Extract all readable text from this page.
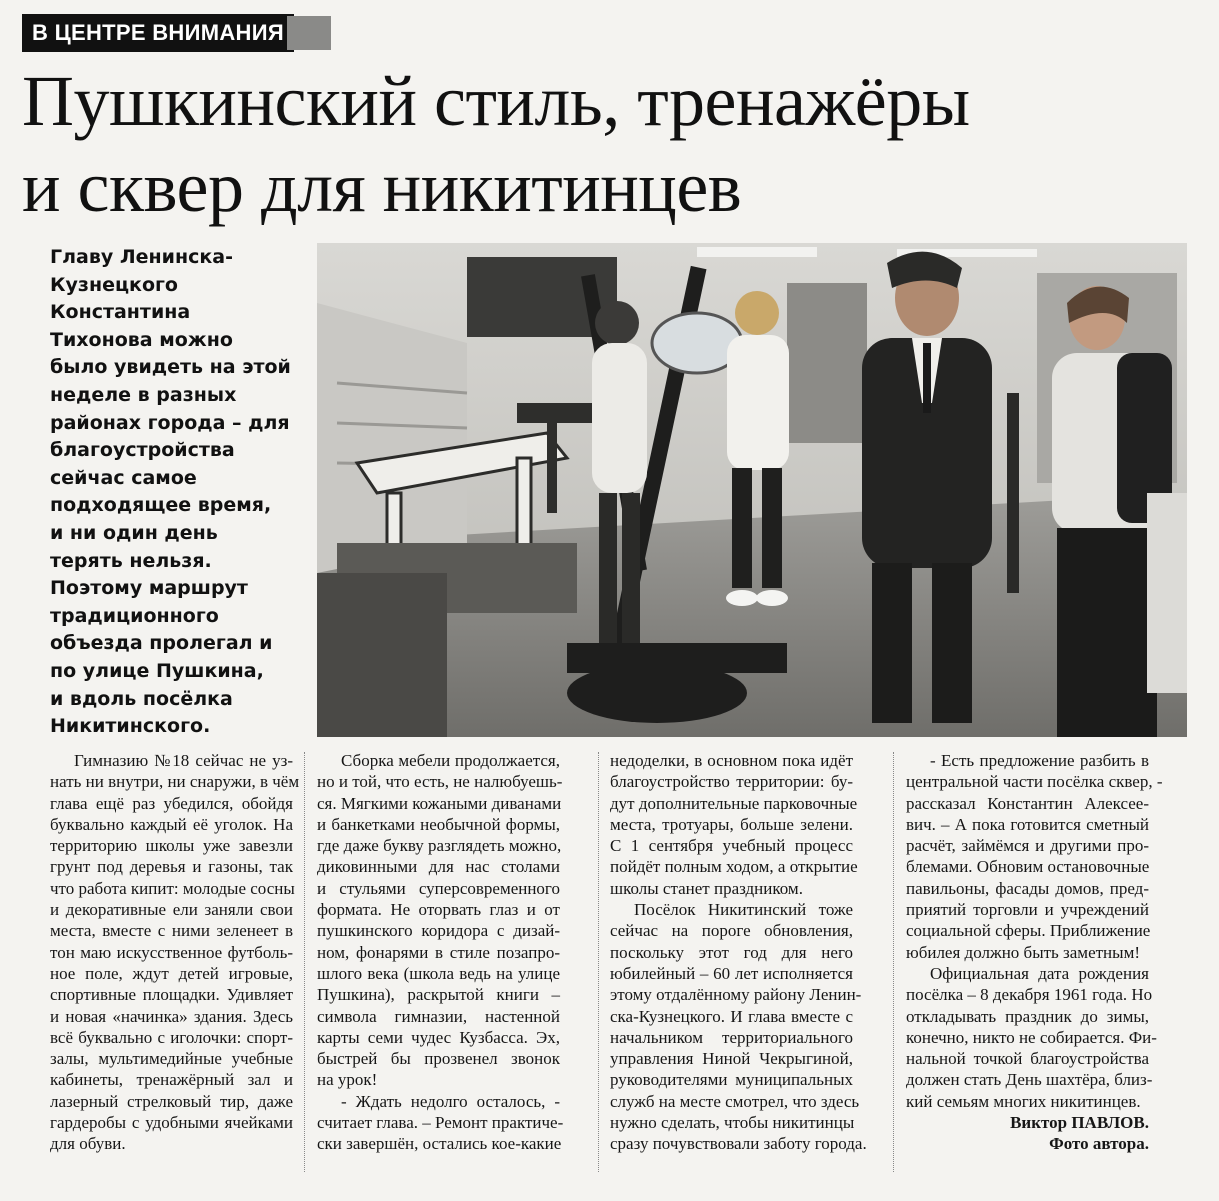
В ЦЕНТРЕ ВНИМАНИЯ
Пушкинский стиль, тренажёры
и сквер для никитинцев
Главу Ленинска-
Кузнецкого
Константина
Тихонова можно
было увидеть на этой
неделе в разных
районах города – для
благоустройства
сейчас самое
подходящее время,
и ни один день
терять нельзя.
Поэтому маршрут
традиционного
объезда пролегал и
по улице Пушкина,
и вдоль посёлка
Никитинского.
Гимназию №18 сейчас не уз-
нать ни внутри, ни снаружи, в чём
глава ещё раз убедился, обойдя
буквально каждый её уголок. На
территорию школы уже завезли
грунт под деревья и газоны, так
что работа кипит: молодые сосны
и декоративные ели заняли свои
места, вместе с ними зеленеет в
тон маю искусственное футболь-
ное поле, ждут детей игровые,
спортивные площадки. Удивляет
и новая «начинка» здания. Здесь
всё буквально с иголочки: спорт-
залы, мультимедийные учебные
кабинеты, тренажёрный зал и
лазерный стрелковый тир, даже
гардеробы с удобными ячейками
для обуви.
Сборка мебели продолжается,
но и той, что есть, не налюбуешь-
ся. Мягкими кожаными диванами
и банкетками необычной формы,
где даже букву разглядеть можно,
диковинными для нас столами
и стульями суперсовременного
формата. Не оторвать глаз и от
пушкинского коридора с дизай-
ном, фонарями в стиле позапро-
шлого века (школа ведь на улице
Пушкина), раскрытой книги –
символа гимназии, настенной
карты семи чудес Кузбасса. Эх,
быстрей бы прозвенел звонок
на урок!
- Ждать недолго осталось, -
считает глава. – Ремонт практиче-
ски завершён, остались кое-какие
недоделки, в основном пока идёт
благоустройство территории: бу-
дут дополнительные парковочные
места, тротуары, больше зелени.
С 1 сентября учебный процесс
пойдёт полным ходом, а открытие
школы станет праздником.
Посёлок Никитинский тоже
сейчас на пороге обновления,
поскольку этот год для него
юбилейный – 60 лет исполняется
этому отдалённому району Ленин-
ска-Кузнецкого. И глава вместе с
начальником территориального
управления Ниной Чекрыгиной,
руководителями муниципальных
служб на месте смотрел, что здесь
нужно сделать, чтобы никитинцы
сразу почувствовали заботу города.
- Есть предложение разбить в
центральной части посёлка сквер, -
рассказал Константин Алексее-
вич. – А пока готовится сметный
расчёт, займёмся и другими про-
блемами. Обновим остановочные
павильоны, фасады домов, пред-
приятий торговли и учреждений
социальной сферы. Приближение
юбилея должно быть заметным!
Официальная дата рождения
посёлка – 8 декабря 1961 года. Но
откладывать праздник до зимы,
конечно, никто не собирается. Фи-
нальной точкой благоустройства
должен стать День шахтёра, близ-
кий семьям многих никитинцев.
Виктор ПАВЛОВ.
Фото автора.
